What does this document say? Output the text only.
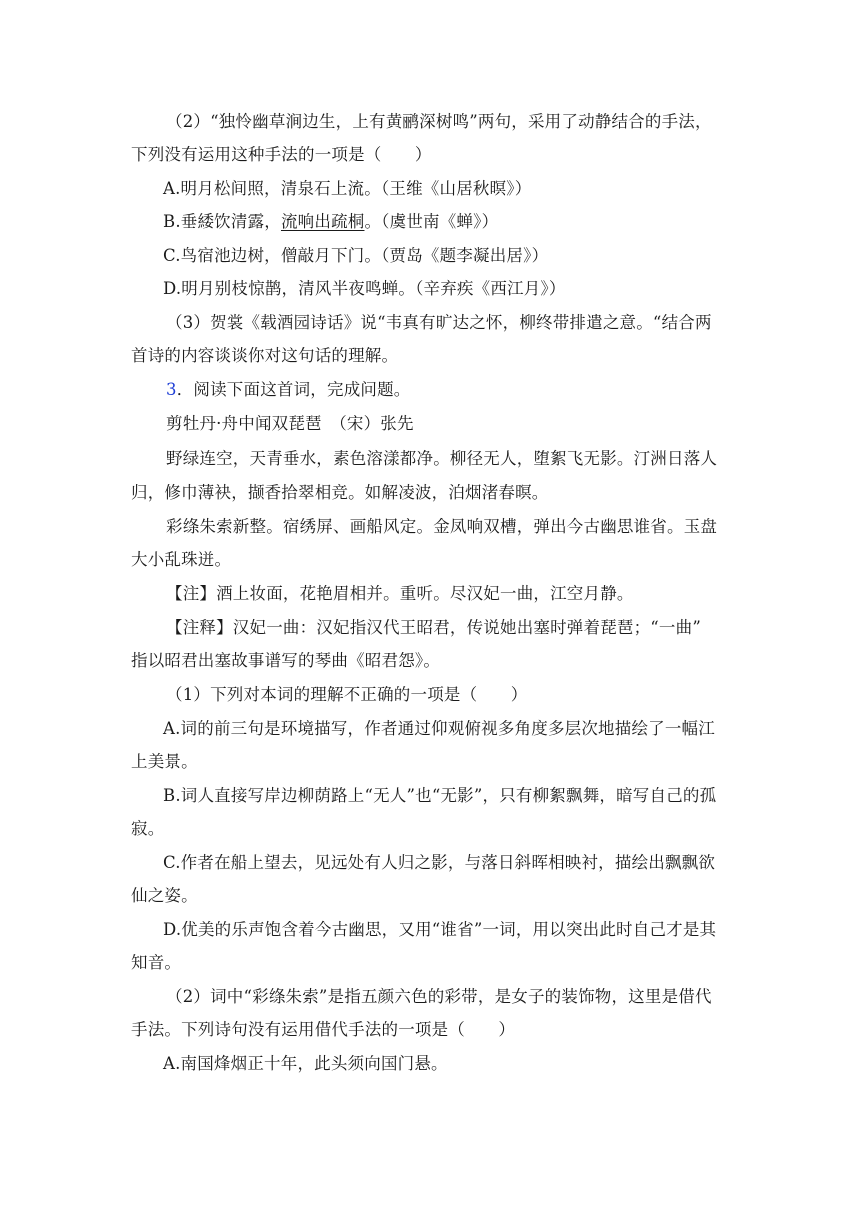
（2）“独怜幽草涧边生，上有黄鹂深树鸣”两句，采用了动静结合的手法，
下列没有运用这种手法的一项是（　　）
A.明月松间照，清泉石上流。（王维《山居秋暝》）
B.垂緌饮清露，流响出疏桐。（虞世南《蝉》）
C.鸟宿池边树，僧敲月下门。（贾岛《题李凝出居》）
D.明月别枝惊鹊，清风半夜鸣蝉。（辛弃疾《西江月》）
（3）贺裳《载酒园诗话》说“韦真有旷达之怀，柳终带排遣之意。“结合两
首诗的内容谈谈你对这句话的理解。
3．阅读下面这首词，完成问题。
剪牡丹·舟中闻双琵琶　（宋）张先
野绿连空，天青垂水，素色溶漾都净。柳径无人，堕絮飞无影。汀洲日落人
归，修巾薄袂，撷香拾翠相竞。如解凌波，泊烟渚春暝。
彩绦朱索新整。宿绣屏、画船风定。金凤响双槽，弹出今古幽思谁省。玉盘
大小乱珠迸。
【注】酒上妆面，花艳眉相并。重听。尽汉妃一曲，江空月静。
【注释】汉妃一曲：汉妃指汉代王昭君，传说她出塞时弹着琵琶；“一曲”
指以昭君出塞故事谱写的琴曲《昭君怨》。
（1）下列对本词的理解不正确的一项是（　　）
A.词的前三句是环境描写，作者通过仰观俯视多角度多层次地描绘了一幅江
上美景。
B.词人直接写岸边柳荫路上“无人”也“无影”，只有柳絮飘舞，暗写自己的孤
寂。
C.作者在船上望去，见远处有人归之影，与落日斜晖相映衬，描绘出飘飘欲
仙之姿。
D.优美的乐声饱含着今古幽思，又用“谁省”一词，用以突出此时自己才是其
知音。
（2）词中“彩绦朱索”是指五颜六色的彩带，是女子的装饰物，这里是借代
手法。下列诗句没有运用借代手法的一项是（　　）
A.南国烽烟正十年，此头须向国门悬。
